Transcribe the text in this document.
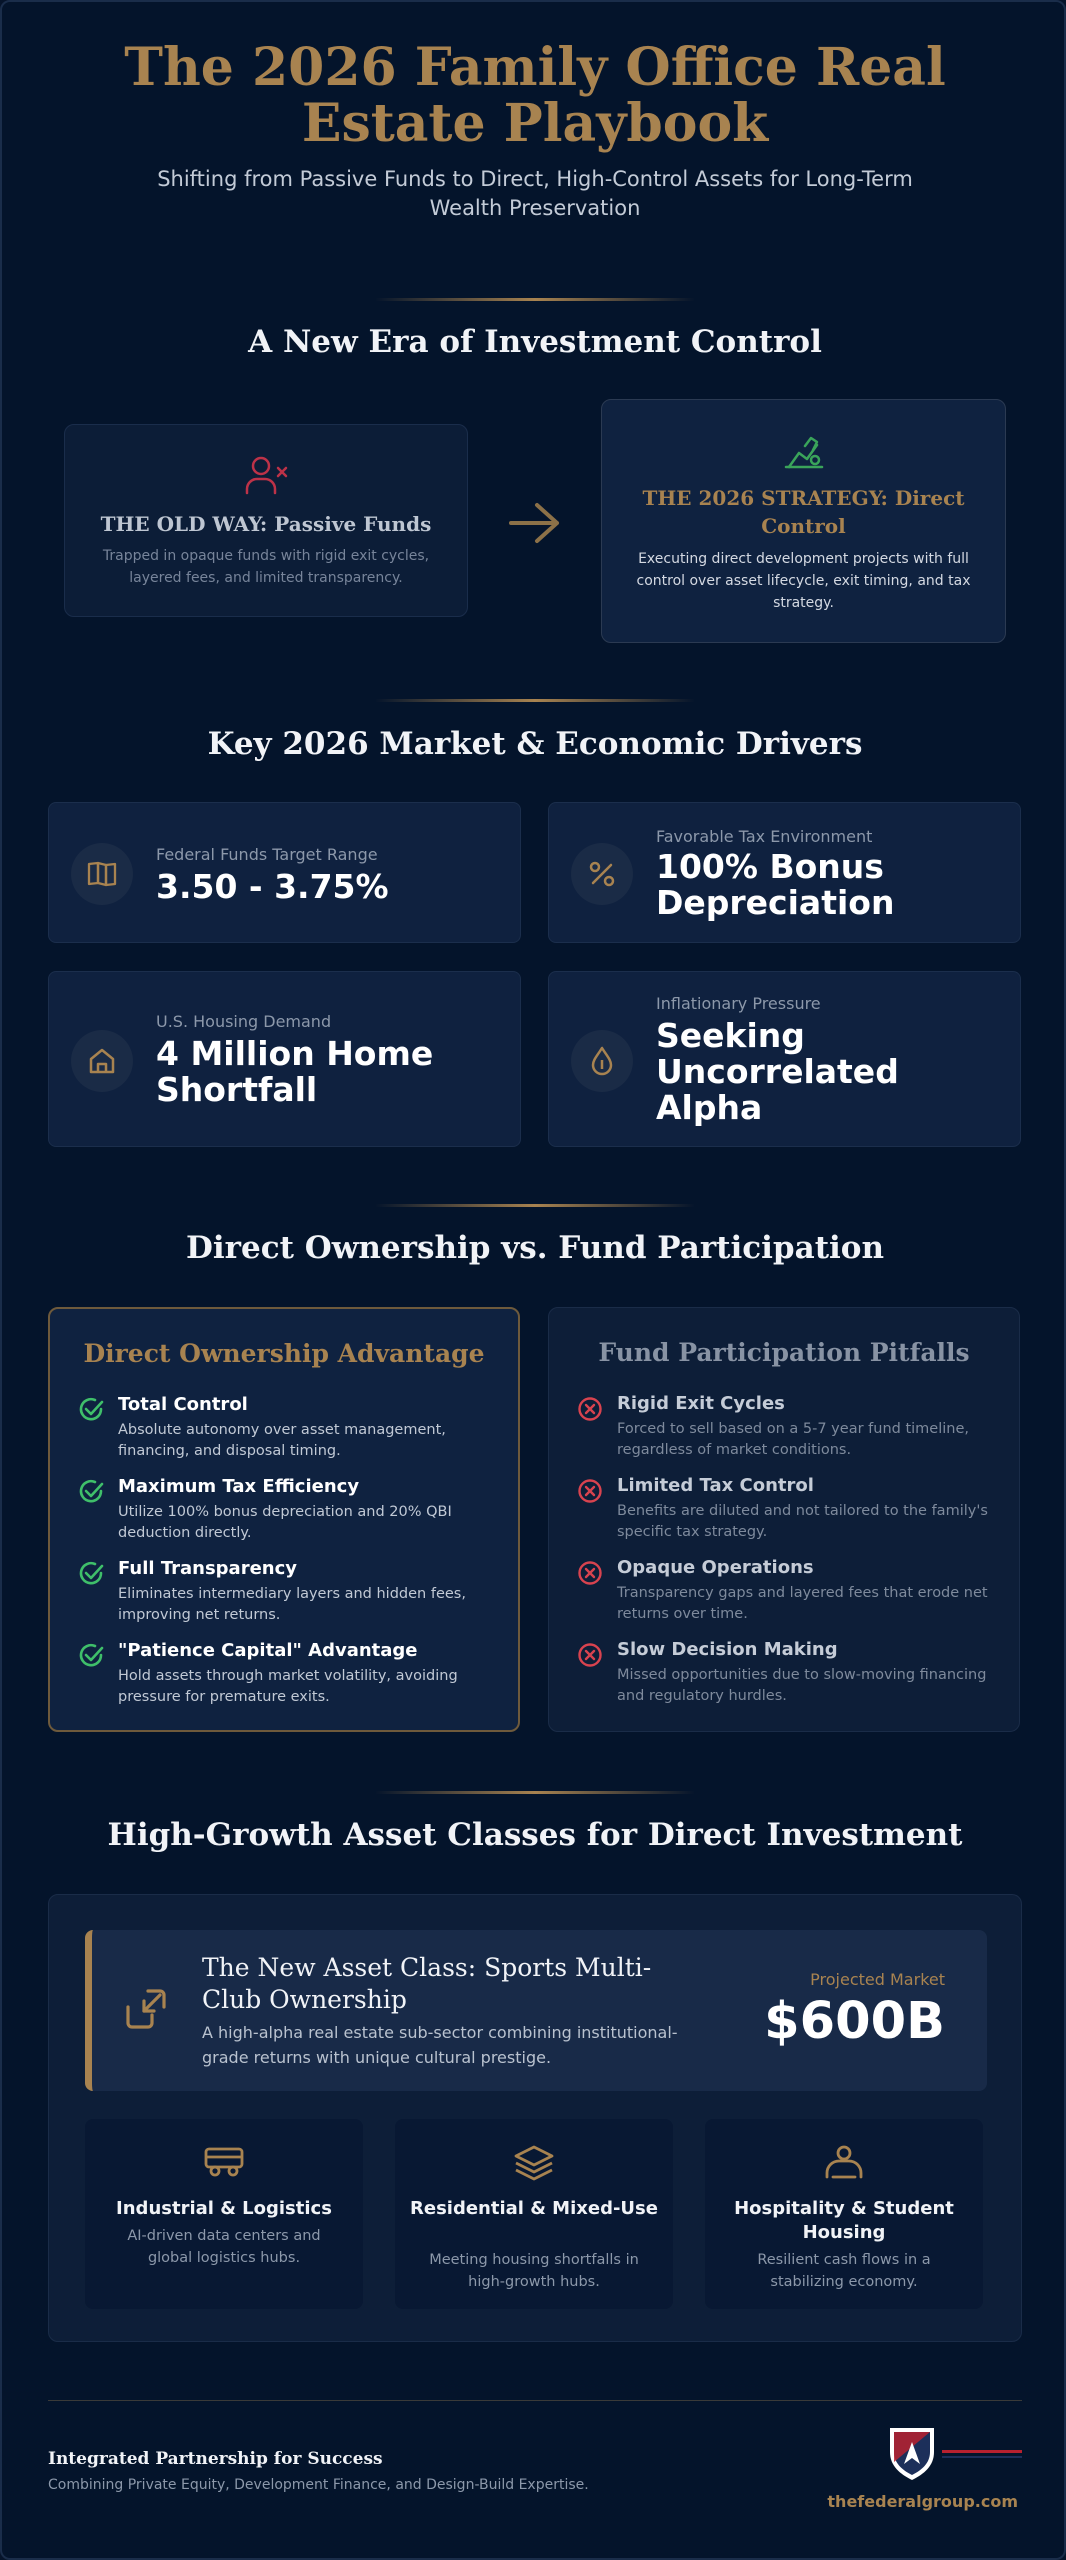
The 2026 Family Office Real Estate Playbook

Shifting from Passive Funds to Direct, High-Control Assets for Long-Term Wealth Preservation

A New Era of Investment Control
THE OLD WAY: Passive Funds
Trapped in opaque funds with rigid exit cycles, layered fees, and limited transparency.
THE 2026 STRATEGY: Direct Control
Executing direct development projects with full control over asset lifecycle, exit timing, and tax strategy.
Key 2026 Market & Economic Drivers
Federal Funds Target Range
3.50 - 3.75%
Favorable Tax Environment
100% Bonus Depreciation
U.S. Housing Demand
4 Million Home Shortfall
Inflationary Pressure
Seeking Uncorrelated Alpha
Direct Ownership vs. Fund Participation
Direct Ownership Advantage
Total Control
Absolute autonomy over asset management, financing, and disposal timing.
Maximum Tax Efficiency
Utilize 100% bonus depreciation and 20% QBI deduction directly.
Full Transparency
Eliminates intermediary layers and hidden fees, improving net returns.
"Patience Capital" Advantage
Hold assets through market volatility, avoiding pressure for premature exits.
Fund Participation Pitfalls
Rigid Exit Cycles
Forced to sell based on a 5-7 year fund timeline, regardless of market conditions.
Limited Tax Control
Benefits are diluted and not tailored to the family's specific tax strategy.
Opaque Operations
Transparency gaps and layered fees that erode net returns over time.
Slow Decision Making
Missed opportunities due to slow-moving financing and regulatory hurdles.
High-Growth Asset Classes for Direct Investment
The New Asset Class: Sports Multi-Club Ownership
A high-alpha real estate sub-sector combining institutional-grade returns with unique cultural prestige.
Projected Market
$600B
Industrial & Logistics
AI-driven data centers and global logistics hubs.
Residential & Mixed-Use
Meeting housing shortfalls in high-growth hubs.
Hospitality & Student Housing
Resilient cash flows in a stabilizing economy.
Integrated Partnership for Success
Combining Private Equity, Development Finance, and Design-Build Expertise.
thefederalgroup.com
